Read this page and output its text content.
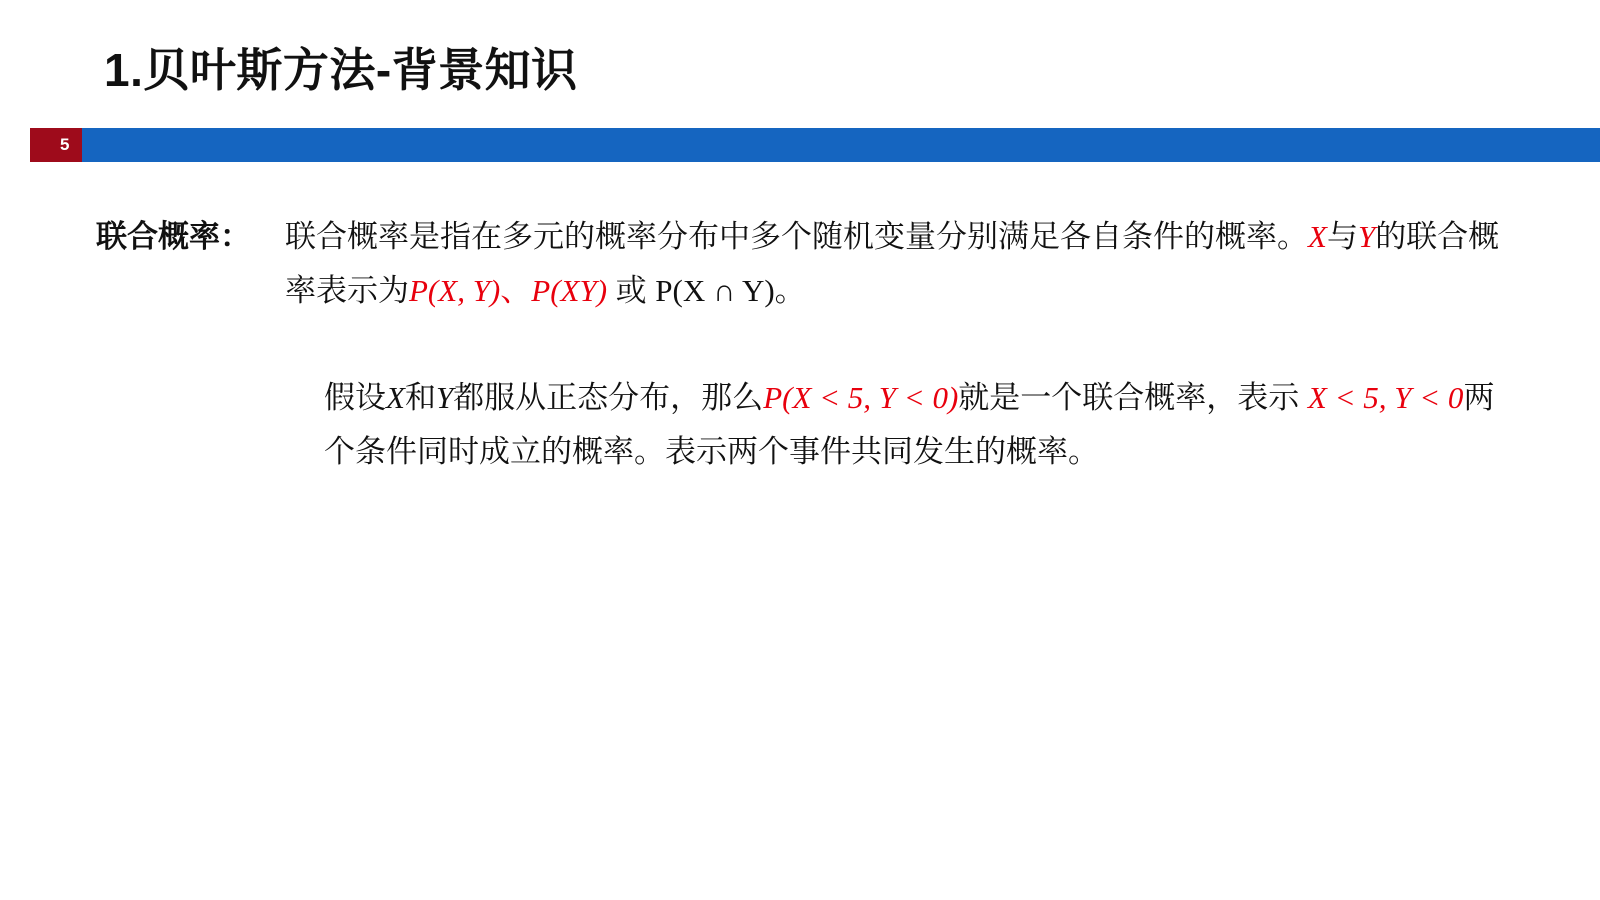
1.贝叶斯方法-背景知识
5
联合概率：	联合概率是指在多元的概率分布中多个随机变量分别满足各自条件的概率。X与Y的联合概率表示为P(X, Y)、P(XY) 或 P(X ∩ Y)。
假设X和Y都服从正态分布，那么P(X < 5, Y < 0)就是一个联合概率，表示 X < 5, Y < 0两个条件同时成立的概率。表示两个事件共同发生的概率。
